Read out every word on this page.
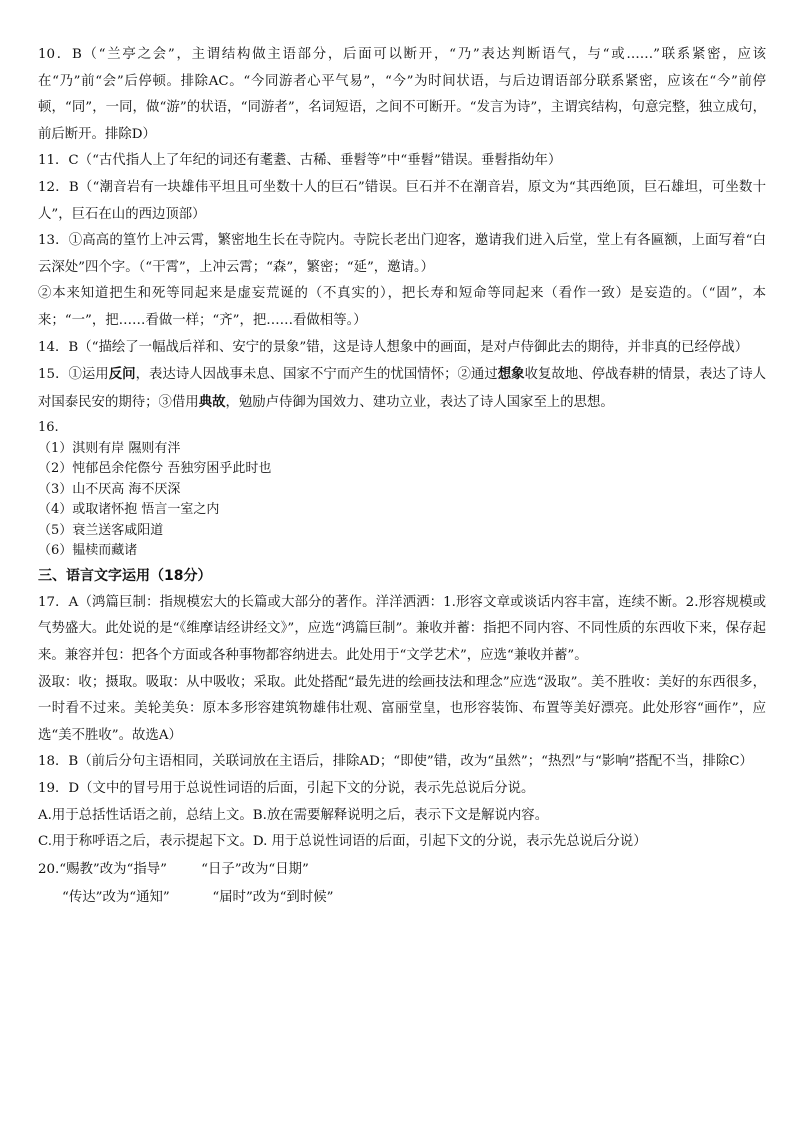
10．B（“兰亭之会”，主谓结构做主语部分，后面可以断开，“乃”表达判断语气，与“或……”联系紧密，应该在“乃”前“会”后停顿。排除AC。“今同游者心平气易”，“今”为时间状语，与后边谓语部分联系紧密，应该在“今”前停顿，“同”，一同，做“游”的状语，“同游者”，名词短语，之间不可断开。“发言为诗”，主谓宾结构，句意完整，独立成句，前后断开。排除D）

11．C（“古代指人上了年纪的词还有耄耋、古稀、垂髫等”中“垂髫”错误。垂髫指幼年）

12．B（“潮音岩有一块雄伟平坦且可坐数十人的巨石”错误。巨石并不在潮音岩，原文为“其西绝顶，巨石雄坦，可坐数十人”，巨石在山的西边顶部）

13．①高高的篁竹上冲云霄，繁密地生长在寺院内。寺院长老出门迎客，邀请我们进入后堂，堂上有各匾额，上面写着“白云深处”四个字。（“干霄”，上冲云霄；“森”，繁密；“延”，邀请。）

②本来知道把生和死等同起来是虚妄荒诞的（不真实的），把长寿和短命等同起来（看作一致）是妄造的。（“固”，本来；“一”，把……看做一样；“齐”，把……看做相等。）

14．B（“描绘了一幅战后祥和、安宁的景象”错，这是诗人想象中的画面，是对卢侍御此去的期待，并非真的已经停战）

15．①运用反问，表达诗人因战事未息、国家不宁而产生的忧国情怀；②通过想象收复故地、停战春耕的情景，表达了诗人对国泰民安的期待；③借用典故，勉励卢侍御为国效力、建功立业，表达了诗人国家至上的思想。

16.

（1）淇则有岸 隰则有泮

（2）忳郁邑余侘傺兮 吾独穷困乎此时也

（3）山不厌高 海不厌深

（4）或取诸怀抱 悟言一室之内

（5）衰兰送客咸阳道

（6）韫椟而藏诸

三、语言文字运用（18分）

17．A（鸿篇巨制：指规模宏大的长篇或大部分的著作。洋洋洒洒：1.形容文章或谈话内容丰富，连续不断。2.形容规模或气势盛大。此处说的是“《维摩诘经讲经文》”，应选“鸿篇巨制”。兼收并蓄：指把不同内容、不同性质的东西收下来，保存起来。兼容并包：把各个方面或各种事物都容纳进去。此处用于“文学艺术”，应选“兼收并蓄”。

汲取：收；摄取。吸取：从中吸收；采取。此处搭配“最先进的绘画技法和理念”应选“汲取”。美不胜收：美好的东西很多，一时看不过来。美轮美奂：原本多形容建筑物雄伟壮观、富丽堂皇，也形容装饰、布置等美好漂亮。此处形容“画作”，应选“美不胜收”。故选A）

18．B（前后分句主语相同，关联词放在主语后，排除AD；“即使”错，改为“虽然”；“热烈”与“影响”搭配不当，排除C）

19．D（文中的冒号用于总说性词语的后面，引起下文的分说，表示先总说后分说。

A.用于总括性话语之前，总结上文。B.放在需要解释说明之后，表示下文是解说内容。

C.用于称呼语之后，表示提起下文。D. 用于总说性词语的后面，引起下文的分说，表示先总说后分说）

20.“赐教”改为“指导”	“日子”改为“日期”

“传达”改为“通知”	“届时”改为“到时候”
